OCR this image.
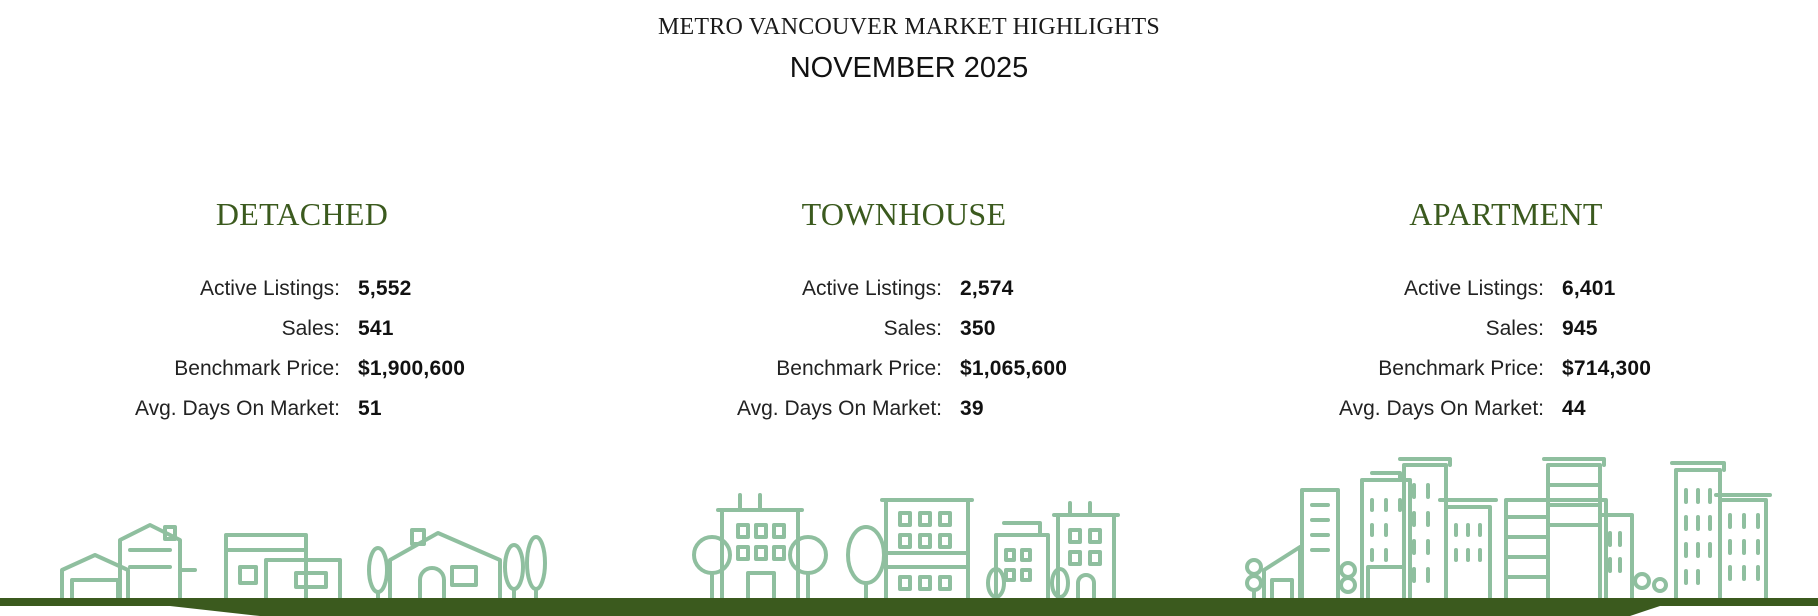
METRO VANCOUVER MARKET HIGHLIGHTS
NOVEMBER 2025
DETACHED
Active Listings: 5,552
Sales: 541
Benchmark Price: $1,900,600
Avg. Days On Market: 51
TOWNHOUSE
Active Listings: 2,574
Sales: 350
Benchmark Price: $1,065,600
Avg. Days On Market: 39
APARTMENT
Active Listings: 6,401
Sales: 945
Benchmark Price: $714,300
Avg. Days On Market: 44
